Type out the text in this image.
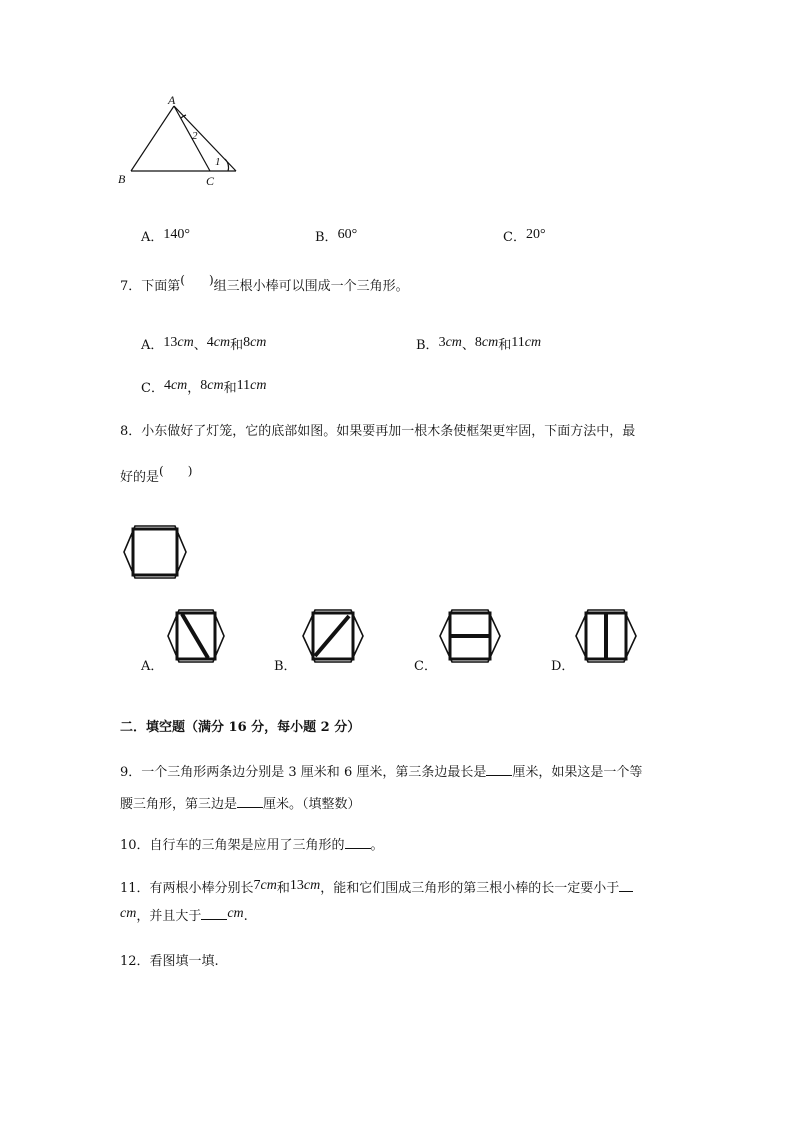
A
B	C
1
2
A．140°	B．60°	C．20°
7．下面第(　　)组三根小棒可以围成一个三角形。
A．13cm、4cm和8cm	B．3cm、8cm和11cm
C．4cm，8cm和11cm
8．小东做好了灯笼，它的底部如图。如果要再加一根木条使框架更牢固，下面方法中，最
好的是(　　)
A．	B．	C．	D．
二．填空题（满分 16 分，每小题 2 分）
9．一个三角形两条边分别是 3 厘米和 6 厘米，第三条边最长是 厘米，如果这是一个等
腰三角形，第三边是 厘米。（填整数）
10．自行车的三角架是应用了三角形的 。
11．有两根小棒分别长7cm和13cm，能和它们围成三角形的第三根小棒的长一定要小于
cm，并且大于 cm.
12．看图填一填.
